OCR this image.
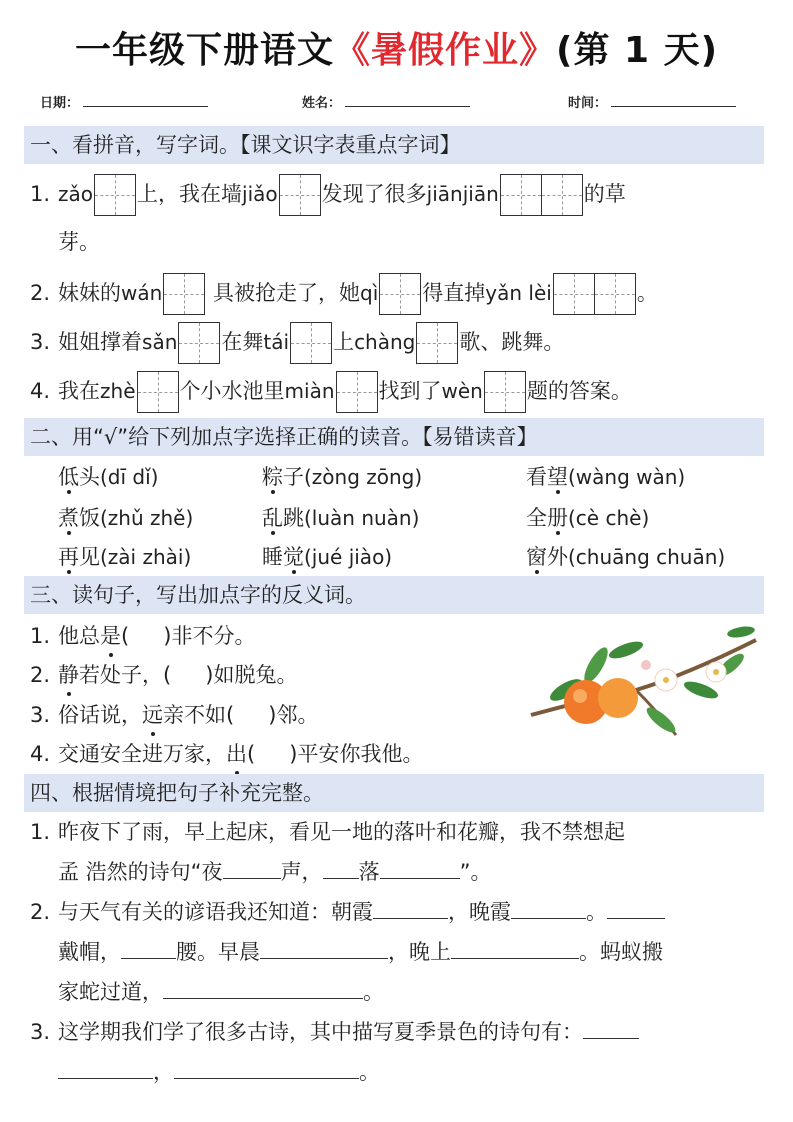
一年级下册语文《暑假作业》(第 1 天)
日期：	姓名：	时间：
一、看拼音，写字词。【课文识字表重点字词】
1. zǎo 上，我在墙jiǎo 发现了很多jiānjiān	的草
芽。
2. 妹妹的wán 具被抢走了，她qì 得直掉yǎn lèi	。
3. 姐姐撑着sǎn 在舞tái 上chàng 歌、跳舞。
4. 我在zhè 个小水池里miàn 找到了wèn 题的答案。
二、用“√”给下列加点字选择正确的读音。【易错读音】
低头(dī dǐ)	粽子(zòng zōng)	看望(wàng wàn)
煮饭(zhǔ zhě)	乱跳(luàn nuàn)	全册(cè chè)
再见(zài zhài)	睡觉(jué jiào)	窗外(chuāng chuān)
三、读句子，写出加点字的反义词。
1. 他总是( )非不分。
2. 静若处子，( )如脱兔。
3. 俗话说，远亲不如( )邻。
4. 交通安全进万家，出( )平安你我他。
四、根据情境把句子补充完整。
1. 昨夜下了雨，早上起床，看见一地的落叶和花瓣，我不禁想起
孟 浩然的诗句“夜	声， 落	”。
2. 与天气有关的谚语我还知道：朝霞	，晚霞	。
戴帽，	腰。早晨	，晚上	。蚂蚁搬
家蛇过道，	。
3. 这学期我们学了很多古诗，其中描写夏季景色的诗句有：
，	。
